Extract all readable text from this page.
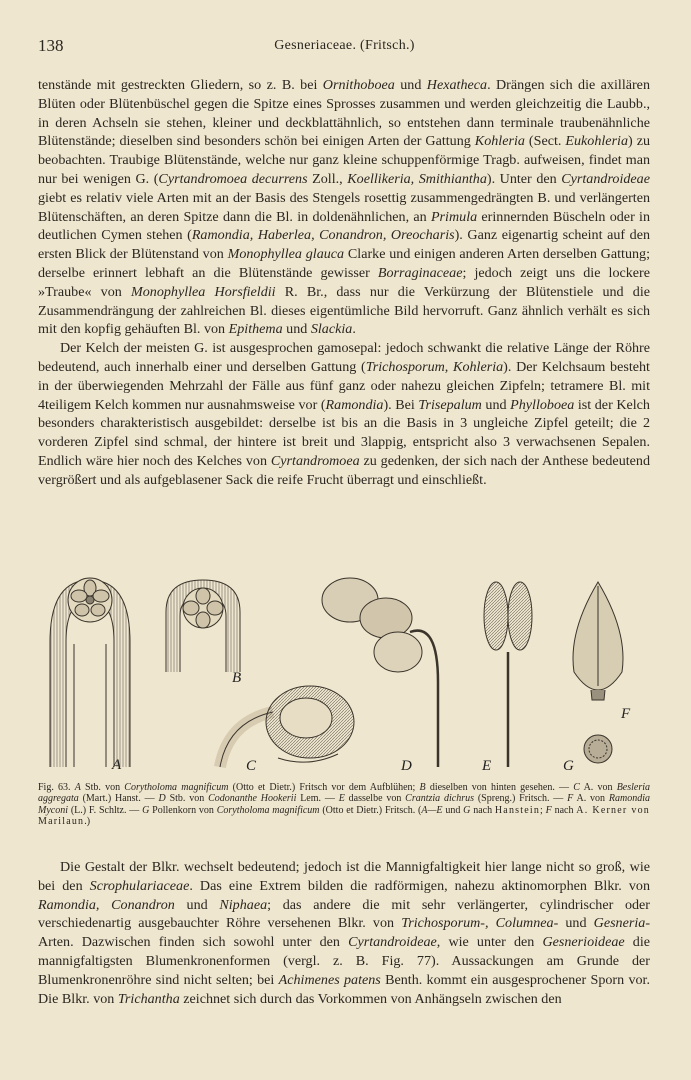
138	Gesneriaceae. (Fritsch.)

tenstände mit gestreckten Gliedern, so z. B. bei Ornithoboea und Hexatheca. Drängen sich die axillären Blüten oder Blütenbüschel gegen die Spitze eines Sprosses zusammen und werden gleichzeitig die Laubb., in deren Achseln sie stehen, kleiner und deckblattähnlich, so entstehen dann terminale traubenähnliche Blütenstände; dieselben sind besonders schön bei einigen Arten der Gattung Kohleria (Sect. Eukohleria) zu beobachten. Traubige Blütenstände, welche nur ganz kleine schuppenförmige Tragb. aufweisen, findet man nur bei wenigen G. (Cyrtandromoea decurrens Zoll., Koellikeria, Smithiantha). Unter den Cyrtandroideae giebt es relativ viele Arten mit an der Basis des Stengels rosettig zusammengedrängten B. und verlängerten Blütenschäften, an deren Spitze dann die Bl. in doldenähnlichen, an Primula erinnernden Büscheln oder in deutlichen Cymen stehen (Ramondia, Haberlea, Conandron, Oreocharis). Ganz eigenartig scheint auf den ersten Blick der Blütenstand von Monophyllea glauca Clarke und einigen anderen Arten derselben Gattung; derselbe erinnert lebhaft an die Blütenstände gewisser Borraginaceae; jedoch zeigt uns die lockere »Traube« von Monophyllea Horsfieldii R. Br., dass nur die Verkürzung der Blütenstiele und die Zusammendrängung der zahlreichen Bl. dieses eigentümliche Bild hervorruft. Ganz ähnlich verhält es sich mit den kopfig gehäuften Bl. von Epithema und Slackia.

Der Kelch der meisten G. ist ausgesprochen gamosepal: jedoch schwankt die relative Länge der Röhre bedeutend, auch innerhalb einer und derselben Gattung (Trichosporum, Kohleria). Der Kelchsaum besteht in der überwiegenden Mehrzahl der Fälle aus fünf ganz oder nahezu gleichen Zipfeln; tetramere Bl. mit 4teiligem Kelch kommen nur ausnahmsweise vor (Ramondia). Bei Trisepalum und Phylloboea ist der Kelch besonders charakteristisch ausgebildet: derselbe ist bis an die Basis in 3 ungleiche Zipfel geteilt; die 2 vorderen Zipfel sind schmal, der hintere ist breit und 3lappig, entspricht also 3 verwachsenen Sepalen. Endlich wäre hier noch des Kelches von Cyrtandromoea zu gedenken, der sich nach der Anthese bedeutend vergrößert und als aufgeblasener Sack die reife Frucht überragt und einschließt.

A
B
C	D	E
F
G
Fig. 63. A Stb. von Corytholoma magnificum (Otto et Dietr.) Fritsch vor dem Aufblühen; B dieselben von hinten gesehen. — C A. von Besleria aggregata (Mart.) Hanst. — D Stb. von Codonanthe Hookerii Lem. — E dasselbe von Crantzia dichrus (Spreng.) Fritsch. — F A. von Ramondia Myconi (L.) F. Schltz. — G Pollenkorn von Corytholoma magnificum (Otto et Dietr.) Fritsch. (A—E und G nach Hanstein; F nach A. Kerner von Marilaun.)

Die Gestalt der Blkr. wechselt bedeutend; jedoch ist die Mannigfaltigkeit hier lange nicht so groß, wie bei den Scrophulariaceae. Das eine Extrem bilden die radförmigen, nahezu aktinomorphen Blkr. von Ramondia, Conandron und Niphaea; das andere die mit sehr verlängerter, cylindrischer oder verschiedenartig ausgebauchter Röhre versehenen Blkr. von Trichosporum-, Columnea- und Gesneria-Arten. Dazwischen finden sich sowohl unter den Cyrtandroideae, wie unter den Gesnerioideae die mannigfaltigsten Blumenkronenformen (vergl. z. B. Fig. 77). Aussackungen am Grunde der Blumenkronenröhre sind nicht selten; bei Achimenes patens Benth. kommt ein ausgesprochener Sporn vor. Die Blkr. von Trichantha zeichnet sich durch das Vorkommen von Anhängseln zwischen den
